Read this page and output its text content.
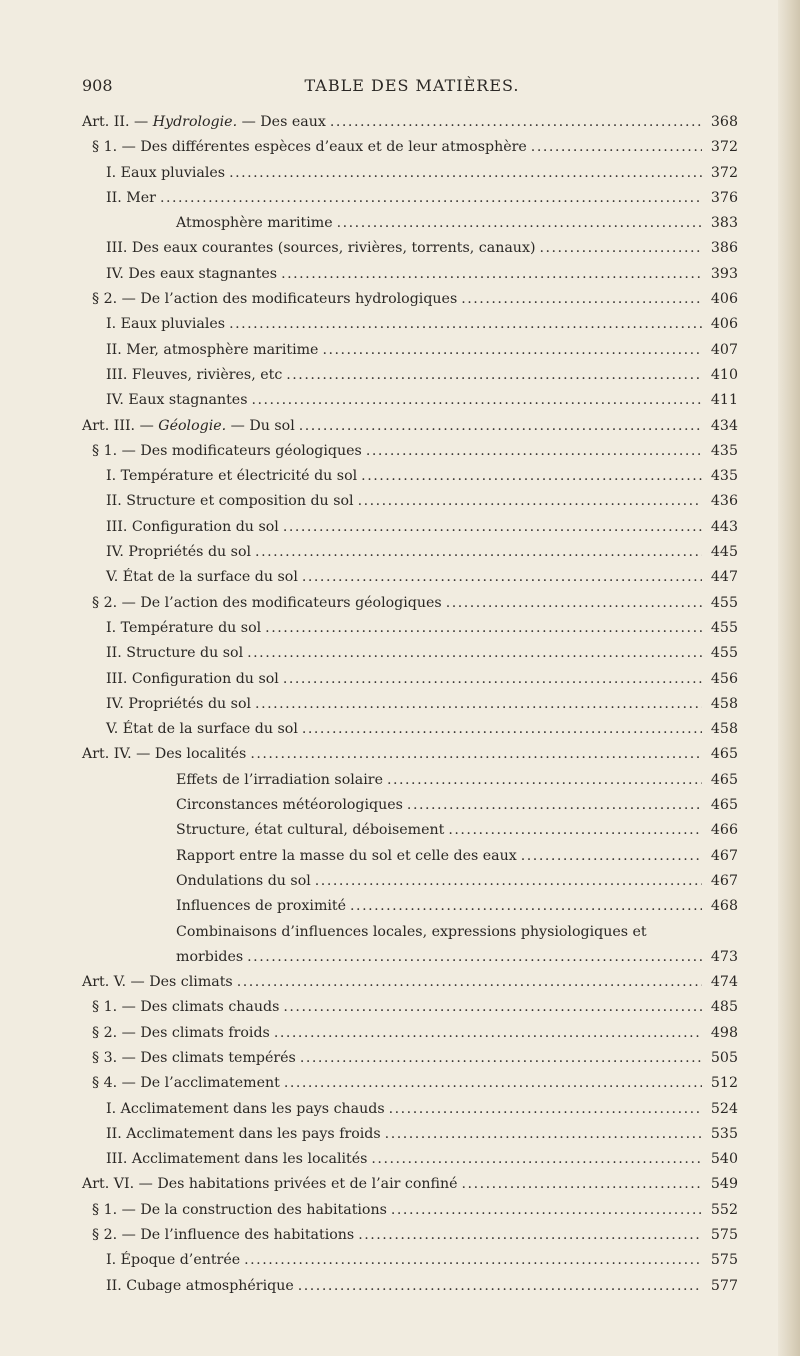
908	TABLE DES MATIÈRES.
Art. II. — Hydrologie. — Des eaux . . .	368
§ 1. — Des différentes espèces d’eaux et de leur atmosphère . . .	372
I. Eaux pluviales . . .	372
II. Mer . . .	376
Atmosphère maritime . . .	383
III. Des eaux courantes (sources, rivières, torrents, canaux) . . .	386
IV. Des eaux stagnantes . . .	393
§ 2. — De l’action des modificateurs hydrologiques . . .	406
I. Eaux pluviales . . .	406
II. Mer, atmosphère maritime . . .	407
III. Fleuves, rivières, etc . . .	410
IV. Eaux stagnantes . . .	411
Art. III. — Géologie. — Du sol . . .	434
§ 1. — Des modificateurs géologiques . . .	435
I. Température et électricité du sol . . .	435
II. Structure et composition du sol . . .	436
III. Configuration du sol . . .	443
IV. Propriétés du sol . . .	445
V. État de la surface du sol . . .	447
§ 2. — De l’action des modificateurs géologiques . . .	455
I. Température du sol . . .	455
II. Structure du sol . . .	455
III. Configuration du sol . . .	456
IV. Propriétés du sol . . .	458
V. État de la surface du sol . . .	458
Art. IV. — Des localités . . .	465
Effets de l’irradiation solaire . . .	465
Circonstances météorologiques . . .	465
Structure, état cultural, déboisement . . .	466
Rapport entre la masse du sol et celle des eaux . . .	467
Ondulations du sol . . .	467
Influences de proximité . . .	468
Combinaisons d’influences locales, expressions physiologiques et
morbides . . .	473
Art. V. — Des climats . . .	474
§ 1. — Des climats chauds . . .	485
§ 2. — Des climats froids . . .	498
§ 3. — Des climats tempérés . . .	505
§ 4. — De l’acclimatement . . .	512
I. Acclimatement dans les pays chauds . . .	524
II. Acclimatement dans les pays froids . . .	535
III. Acclimatement dans les localités . . .	540
Art. VI. — Des habitations privées et de l’air confiné . . .	549
§ 1. — De la construction des habitations . . .	552
§ 2. — De l’influence des habitations . . .	575
I. Époque d’entrée . . .	575
II. Cubage atmosphérique . . .	577
